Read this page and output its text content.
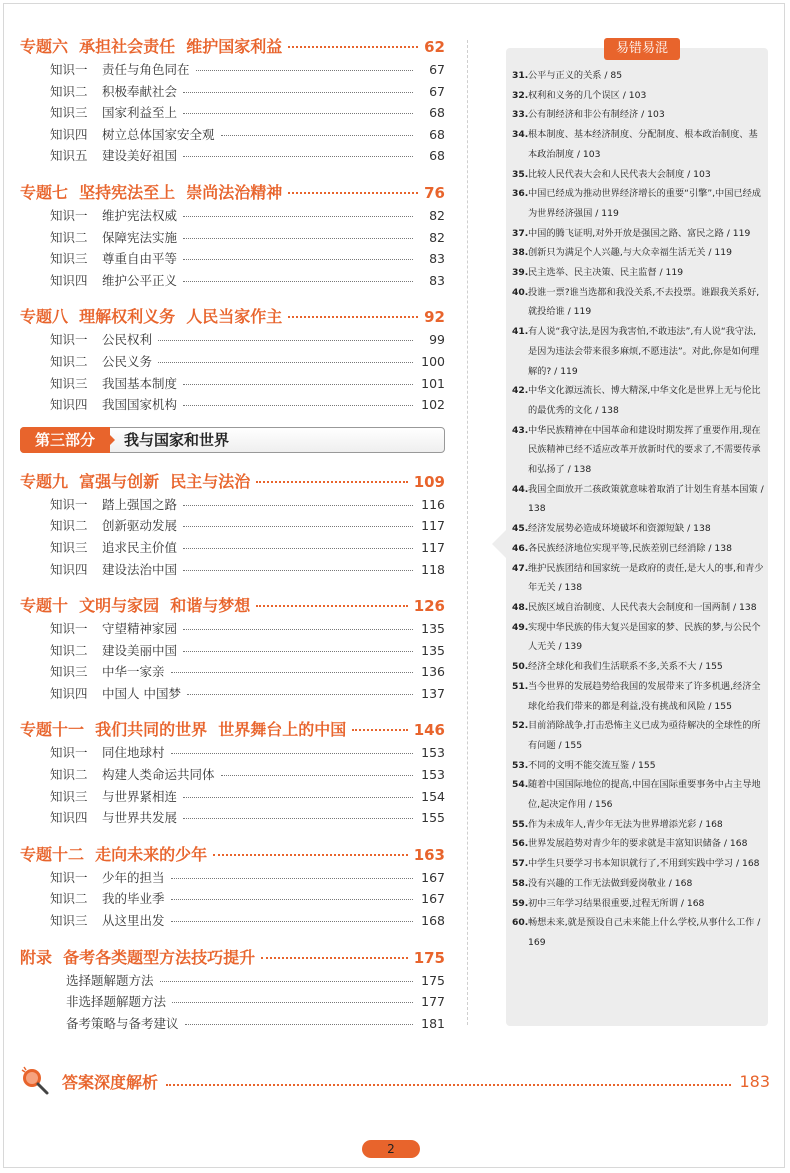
专题六  承担社会责任  维护国家利益	62
知识一	责任与角色同在	67
知识二	积极奉献社会	67
知识三	国家利益至上	68
知识四	树立总体国家安全观	68
知识五	建设美好祖国	68
专题七  坚持宪法至上  崇尚法治精神	76
知识一	维护宪法权威	82
知识二	保障宪法实施	82
知识三	尊重自由平等	83
知识四	维护公平正义	83
专题八  理解权利义务  人民当家作主	92
知识一	公民权利	99
知识二	公民义务	100
知识三	我国基本制度	101
知识四	我国国家机构	102
第三部分	我与国家和世界
专题九  富强与创新  民主与法治	109
知识一	踏上强国之路	116
知识二	创新驱动发展	117
知识三	追求民主价值	117
知识四	建设法治中国	118
专题十  文明与家园  和谐与梦想	126
知识一	守望精神家园	135
知识二	建设美丽中国	135
知识三	中华一家亲	136
知识四	中国人 中国梦	137
专题十一  我们共同的世界  世界舞台上的中国	146
知识一	同住地球村	153
知识二	构建人类命运共同体	153
知识三	与世界紧相连	154
知识四	与世界共发展	155
专题十二  走向未来的少年	163
知识一	少年的担当	167
知识二	我的毕业季	167
知识三	从这里出发	168
附录  备考各类题型方法技巧提升	175
选择题解题方法	175
非选择题解题方法	177
备考策略与备考建议	181
易错易混
31. 公平与正义的关系 / 85
32. 权利和义务的几个误区 / 103
33. 公有制经济和非公有制经济 / 103
34. 根本制度、基本经济制度、分配制度、根本政治制度、基本政治制度 / 103
35. 比较人民代表大会和人民代表大会制度 / 103
36. 中国已经成为推动世界经济增长的重要“引擎”,中国已经成为世界经济强国 / 119
37. 中国的腾飞证明,对外开放是强国之路、富民之路 / 119
38. 创新只为满足个人兴趣,与大众幸福生活无关 / 119
39. 民主选举、民主决策、民主监督 / 119
40. 投谁一票?谁当选都和我没关系,不去投票。谁跟我关系好,就投给谁 / 119
41. 有人说“我守法,是因为我害怕,不敢违法”,有人说“我守法,是因为违法会带来很多麻烦,不愿违法”。对此,你是如何理解的? / 119
42. 中华文化源远流长、博大精深,中华文化是世界上无与伦比的最优秀的文化 / 138
43. 中华民族精神在中国革命和建设时期发挥了重要作用,现在民族精神已经不适应改革开放新时代的要求了,不需要传承和弘扬了 / 138
44. 我国全面放开二孩政策就意味着取消了计划生育基本国策 / 138
45. 经济发展势必造成环境破坏和资源短缺 / 138
46. 各民族经济地位实现平等,民族差别已经消除 / 138
47. 维护民族团结和国家统一是政府的责任,是大人的事,和青少年无关 / 138
48. 民族区域自治制度、人民代表大会制度和一国两制 / 138
49. 实现中华民族的伟大复兴是国家的梦、民族的梦,与公民个人无关 / 139
50. 经济全球化和我们生活联系不多,关系不大 / 155
51. 当今世界的发展趋势给我国的发展带来了许多机遇,经济全球化给我们带来的都是利益,没有挑战和风险 / 155
52. 目前消除战争,打击恐怖主义已成为亟待解决的全球性的所有问题 / 155
53. 不同的文明不能交流互鉴 / 155
54. 随着中国国际地位的提高,中国在国际重要事务中占主导地位,起决定作用 / 156
55. 作为未成年人,青少年无法为世界增添光彩 / 168
56. 世界发展趋势对青少年的要求就是丰富知识储备 / 168
57. 中学生只要学习书本知识就行了,不用到实践中学习 / 168
58. 没有兴趣的工作无法做到爱岗敬业 / 168
59. 初中三年学习结果很重要,过程无所谓 / 168
60. 畅想未来,就是预设自己未来能上什么学校,从事什么工作 / 169
答案深度解析	183
2
